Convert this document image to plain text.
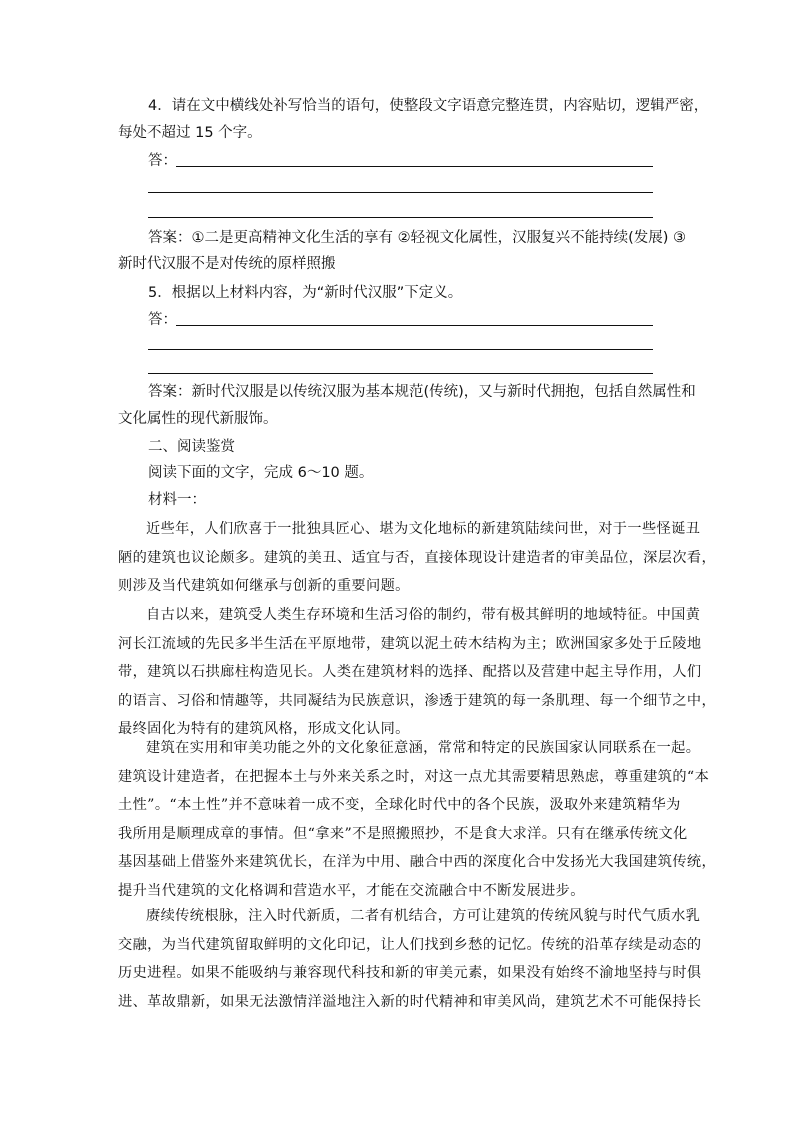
4．请在文中横线处补写恰当的语句，使整段文字语意完整连贯，内容贴切，逻辑严密，
每处不超过 15 个字。
答：
答案：①二是更高精神文化生活的享有 ②轻视文化属性，汉服复兴不能持续(发展) ③
新时代汉服不是对传统的原样照搬
5．根据以上材料内容，为“新时代汉服”下定义。
答：
答案：新时代汉服是以传统汉服为基本规范(传统)，又与新时代拥抱，包括自然属性和
文化属性的现代新服饰。
二、阅读鉴赏
阅读下面的文字，完成 6～10 题。
材料一：
近些年，人们欣喜于一批独具匠心、堪为文化地标的新建筑陆续问世，对于一些怪诞丑
陋的建筑也议论颇多。建筑的美丑、适宜与否，直接体现设计建造者的审美品位，深层次看，
则涉及当代建筑如何继承与创新的重要问题。
自古以来，建筑受人类生存环境和生活习俗的制约，带有极其鲜明的地域特征。中国黄
河长江流域的先民多半生活在平原地带，建筑以泥土砖木结构为主；欧洲国家多处于丘陵地
带，建筑以石拱廊柱构造见长。人类在建筑材料的选择、配搭以及营建中起主导作用，人们
的语言、习俗和情趣等，共同凝结为民族意识，渗透于建筑的每一条肌理、每一个细节之中，
最终固化为特有的建筑风格，形成文化认同。
建筑在实用和审美功能之外的文化象征意涵，常常和特定的民族国家认同联系在一起。
建筑设计建造者，在把握本土与外来关系之时，对这一点尤其需要精思熟虑，尊重建筑的“本
土性”。“本土性”并不意味着一成不变，全球化时代中的各个民族，汲取外来建筑精华为
我所用是顺理成章的事情。但“拿来”不是照搬照抄，不是食大求洋。只有在继承传统文化
基因基础上借鉴外来建筑优长，在洋为中用、融合中西的深度化合中发扬光大我国建筑传统，
提升当代建筑的文化格调和营造水平，才能在交流融合中不断发展进步。
赓续传统根脉，注入时代新质，二者有机结合，方可让建筑的传统风貌与时代气质水乳
交融，为当代建筑留取鲜明的文化印记，让人们找到乡愁的记忆。传统的沿革存续是动态的
历史进程。如果不能吸纳与兼容现代科技和新的审美元素，如果没有始终不渝地坚持与时俱
进、革故鼎新，如果无法激情洋溢地注入新的时代精神和审美风尚，建筑艺术不可能保持长
